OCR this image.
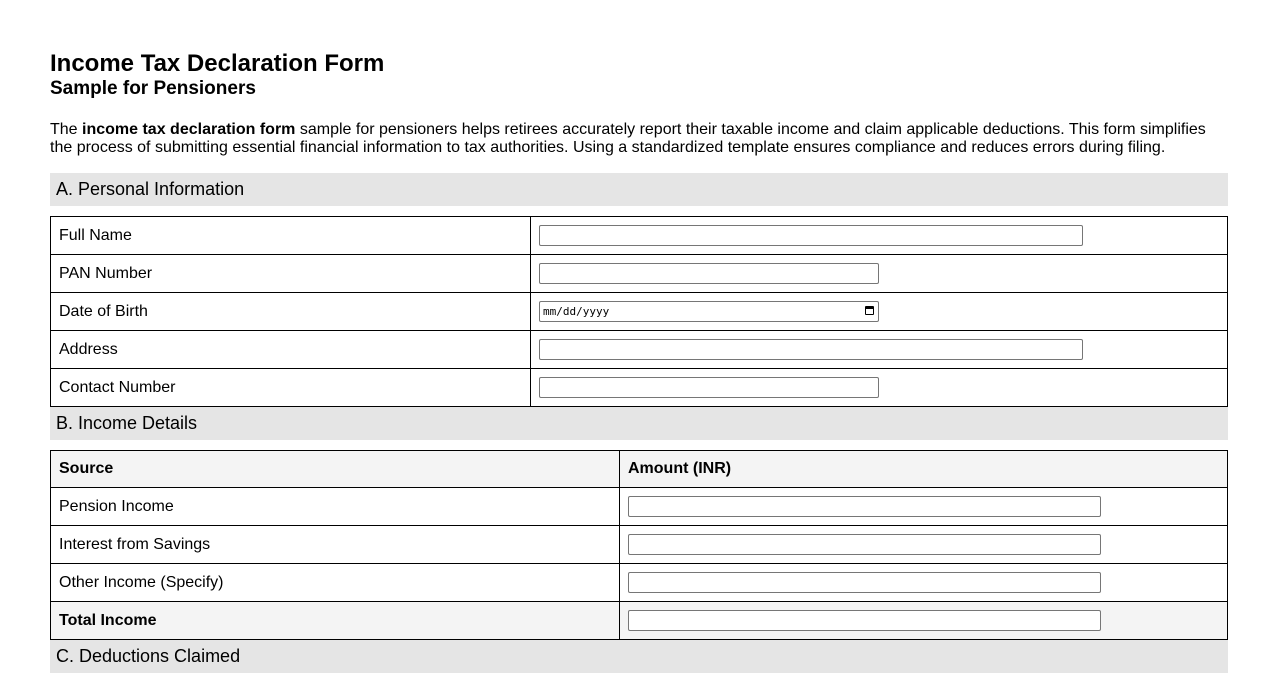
Income Tax Declaration Form
Sample for Pensioners

The income tax declaration form sample for pensioners helps retirees accurately report their taxable income and claim applicable deductions. This form simplifies the process of submitting essential financial information to tax authorities. Using a standardized template ensures compliance and reduces errors during filing.

A. Personal Information
Full Name	
PAN Number	
Date of Birth	mm/dd/yyyy

Address	
Contact Number	
B. Income Details
Source	Amount (INR)
Pension Income	
Interest from Savings	
Other Income (Specify)	
Total Income	
C. Deductions Claimed
